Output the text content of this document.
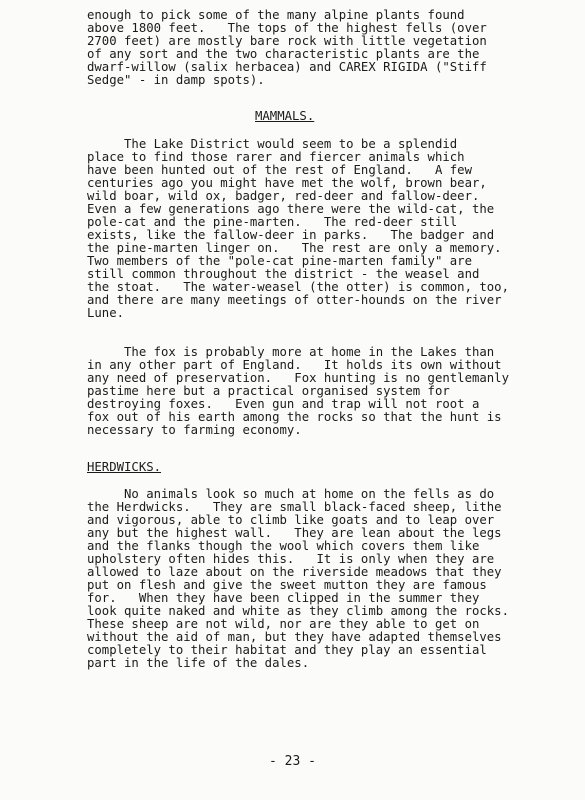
enough to pick some of the many alpine plants found
above 1800 feet.   The tops of the highest fells (over
2700 feet) are mostly bare rock with little vegetation
of any sort and the two characteristic plants are the
dwarf-willow (salix herbacea) and CAREX RIGIDA ("Stiff
Sedge" - in damp spots).
MAMMALS.
The Lake District would seem to be a splendid
place to find those rarer and fiercer animals which
have been hunted out of the rest of England.   A few
centuries ago you might have met the wolf, brown bear,
wild boar, wild ox, badger, red-deer and fallow-deer.
Even a few generations ago there were the wild-cat, the
pole-cat and the pine-marten.   The red-deer still
exists, like the fallow-deer in parks.   The badger and
the pine-marten linger on.   The rest are only a memory.
Two members of the "pole-cat pine-marten family" are
still common throughout the district - the weasel and
the stoat.   The water-weasel (the otter) is common, too,
and there are many meetings of otter-hounds on the river
Lune.
The fox is probably more at home in the Lakes than
in any other part of England.   It holds its own without
any need of preservation.   Fox hunting is no gentlemanly
pastime here but a practical organised system for
destroying foxes.   Even gun and trap will not root a
fox out of his earth among the rocks so that the hunt is
necessary to farming economy.
HERDWICKS.
No animals look so much at home on the fells as do
the Herdwicks.   They are small black-faced sheep, lithe
and vigorous, able to climb like goats and to leap over
any but the highest wall.   They are lean about the legs
and the flanks though the wool which covers them like
upholstery often hides this.   It is only when they are
allowed to laze about on the riverside meadows that they
put on flesh and give the sweet mutton they are famous
for.   When they have been clipped in the summer they
look quite naked and white as they climb among the rocks.
These sheep are not wild, nor are they able to get on
without the aid of man, but they have adapted themselves
completely to their habitat and they play an essential
part in the life of the dales.
- 23 -
